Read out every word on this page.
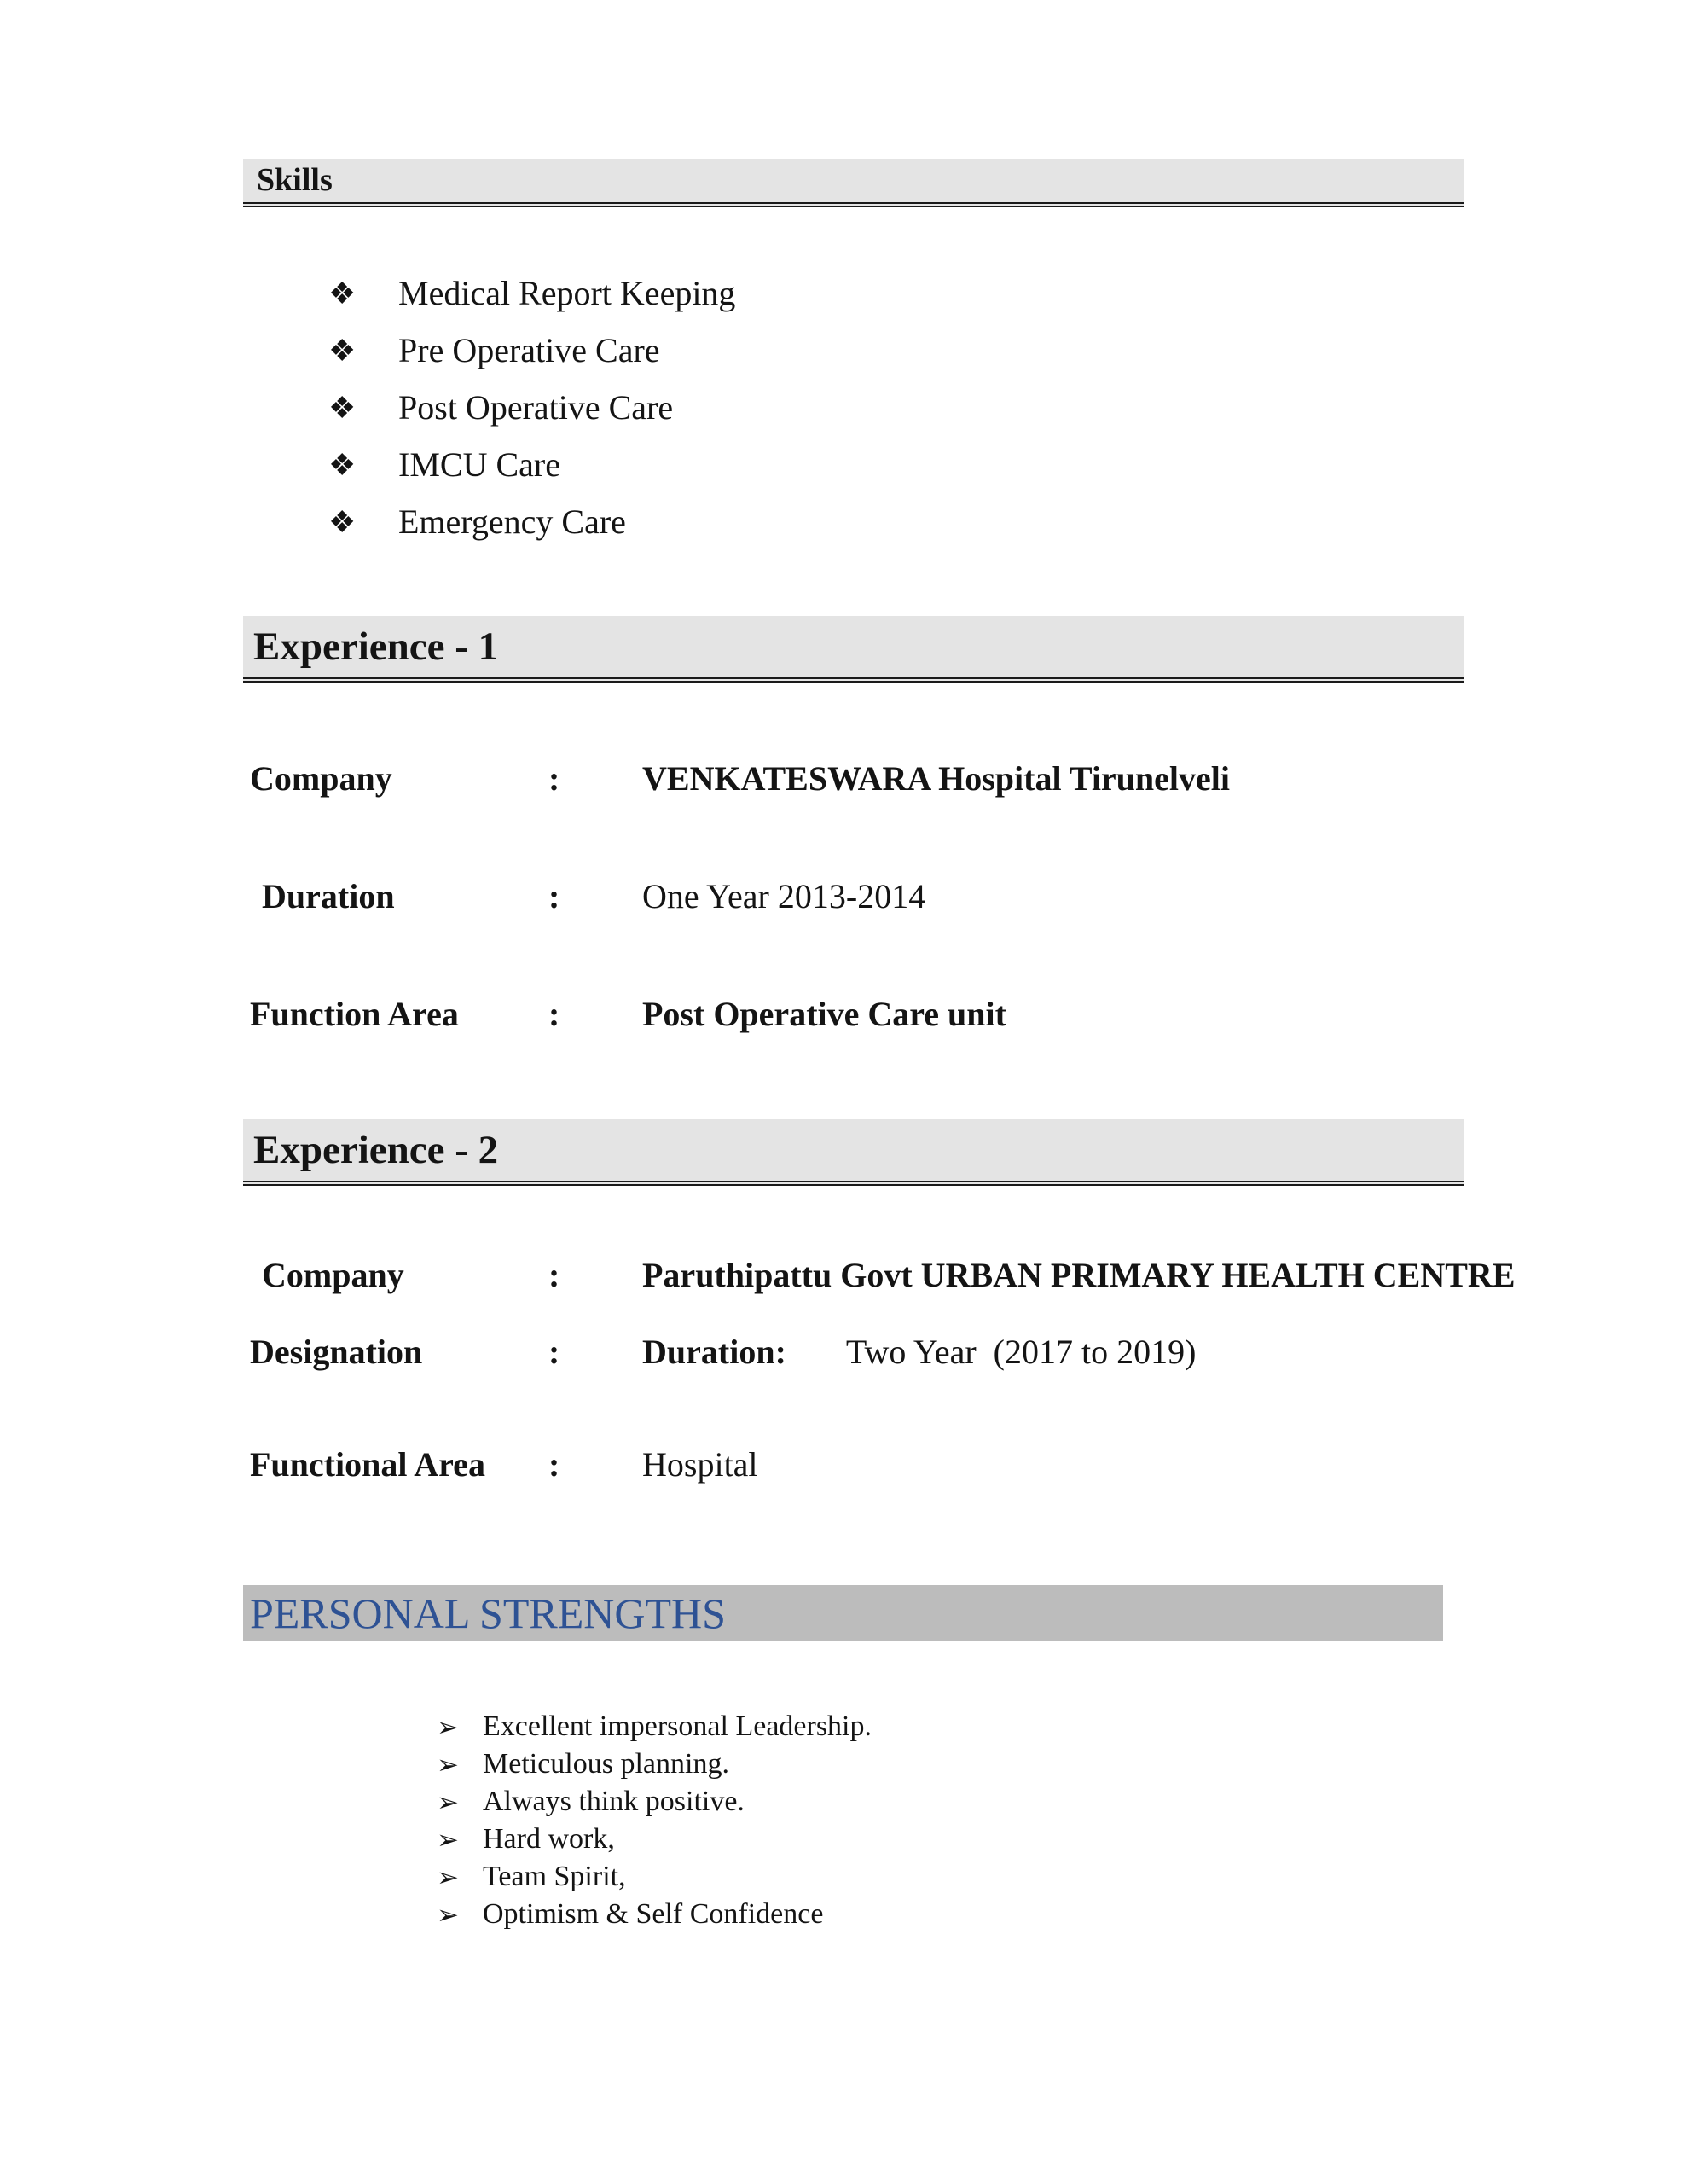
Skills
❖	Medical Report Keeping
❖	Pre Operative Care
❖	Post Operative Care
❖	IMCU Care
❖	Emergency Care
Experience - 1
Company	:	VENKATESWARA Hospital Tirunelveli
Duration	:	One Year 2013-2014
Function Area	:	Post Operative Care unit
Experience - 2
Company	:	Paruthipattu Govt URBAN PRIMARY HEALTH CENTRE
Designation	:	Duration: Two Year  (2017 to 2019)
Functional Area	:	Hospital
PERSONAL STRENGTHS
➢ Excellent impersonal Leadership.
➢ Meticulous planning.
➢ Always think positive.
➢ Hard work,
➢ Team Spirit,
➢ Optimism & Self Confidence
